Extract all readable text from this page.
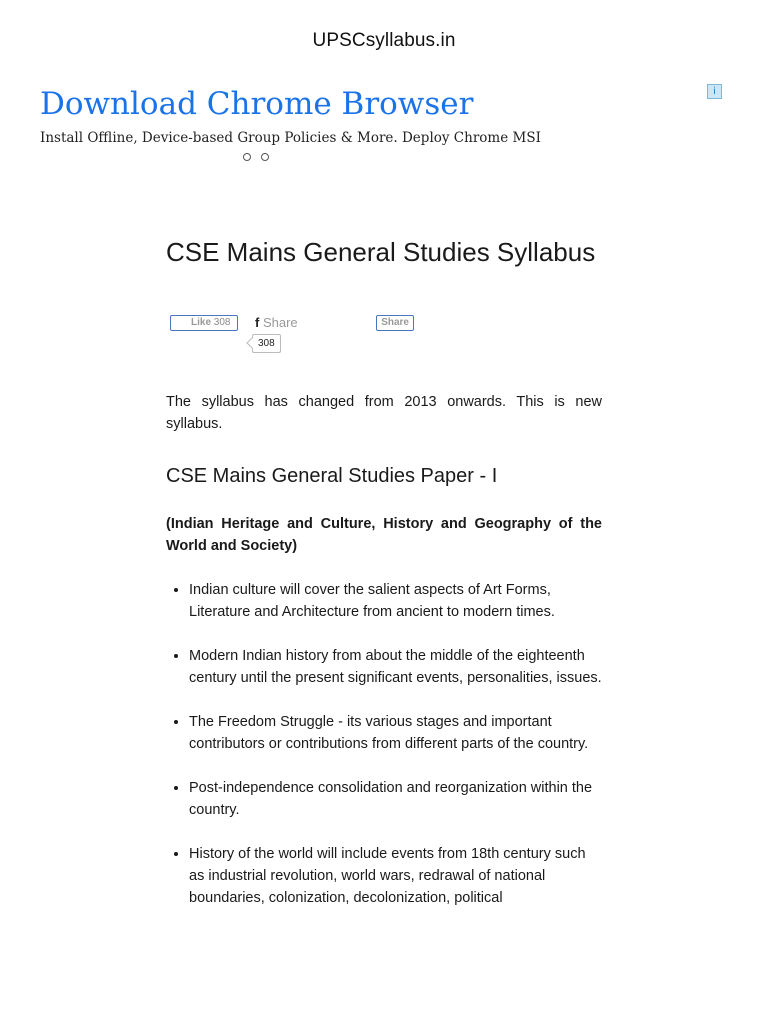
UPSCsyllabus.in
Download Chrome Browser
Install Offline, Device-based Group Policies & More. Deploy Chrome MSI
i
CSE Mains General Studies Syllabus
Like 308	f Share
308
Share

The syllabus has changed from 2013 onwards. This is new syllabus.

CSE Mains General Studies Paper - I

(Indian Heritage and Culture, History and Geography of the World and Society)

• Indian culture will cover the salient aspects of Art Forms, Literature and Architecture from ancient to modern times.
• Modern Indian history from about the middle of the eighteenth century until the present significant events, personalities, issues.
• The Freedom Struggle - its various stages and important contributors or contributions from different parts of the country.
• Post-independence consolidation and reorganization within the country.
• History of the world will include events from 18th century such as industrial revolution, world wars, redrawal of national boundaries, colonization, decolonization, political
